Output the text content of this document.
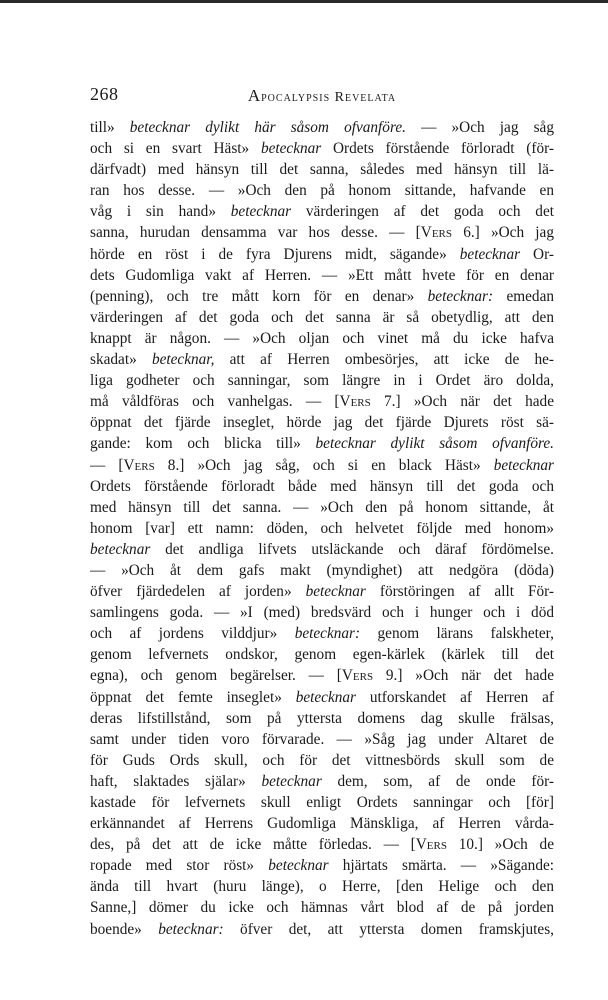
268	Apocalypsis Revelata
till» betecknar dylikt här såsom ofvanföre. — »Och jag såg
och si en svart Häst» betecknar Ordets förstående förloradt (för-
därfvadt) med hänsyn till det sanna, således med hänsyn till lä-
ran hos desse. — »Och den på honom sittande, hafvande en
våg i sin hand» betecknar värderingen af det goda och det
sanna, hurudan densamma var hos desse. — [Vers 6.] »Och jag
hörde en röst i de fyra Djurens midt, sägande» betecknar Or-
dets Gudomliga vakt af Herren. — »Ett mått hvete för en denar
(penning), och tre mått korn för en denar» betecknar: emedan
värderingen af det goda och det sanna är så obetydlig, att den
knappt är någon. — »Och oljan och vinet må du icke hafva
skadat» betecknar, att af Herren ombesörjes, att icke de he-
liga godheter och sanningar, som längre in i Ordet äro dolda,
må våldföras och vanhelgas. — [Vers 7.] »Och när det hade
öppnat det fjärde inseglet, hörde jag det fjärde Djurets röst sä-
gande: kom och blicka till» betecknar dylikt såsom ofvanföre.
— [Vers 8.] »Och jag såg, och si en black Häst» betecknar
Ordets förstående förloradt både med hänsyn till det goda och
med hänsyn till det sanna. — »Och den på honom sittande, åt
honom [var] ett namn: döden, och helvetet följde med honom»
betecknar det andliga lifvets utsläckande och däraf fördömelse.
— »Och åt dem gafs makt (myndighet) att nedgöra (döda)
öfver fjärdedelen af jorden» betecknar förstöringen af allt För-
samlingens goda. — »I (med) bredsvärd och i hunger och i död
och af jordens vilddjur» betecknar: genom lärans falskheter,
genom lefvernets ondskor, genom egen-kärlek (kärlek till det
egna), och genom begärelser. — [Vers 9.] »Och när det hade
öppnat det femte inseglet» betecknar utforskandet af Herren af
deras lifstillstånd, som på yttersta domens dag skulle frälsas,
samt under tiden voro förvarade. — »Såg jag under Altaret de
för Guds Ords skull, och för det vittnesbörds skull som de
haft, slaktades själar» betecknar dem, som, af de onde för-
kastade för lefvernets skull enligt Ordets sanningar och [för]
erkännandet af Herrens Gudomliga Mänskliga, af Herren vårda-
des, på det att de icke måtte förledas. — [Vers 10.] »Och de
ropade med stor röst» betecknar hjärtats smärta. — »Sägande:
ända till hvart (huru länge), o Herre, [den Helige och den
Sanne,] dömer du icke och hämnas vårt blod af de på jorden
boende» betecknar: öfver det, att yttersta domen framskjutes,
